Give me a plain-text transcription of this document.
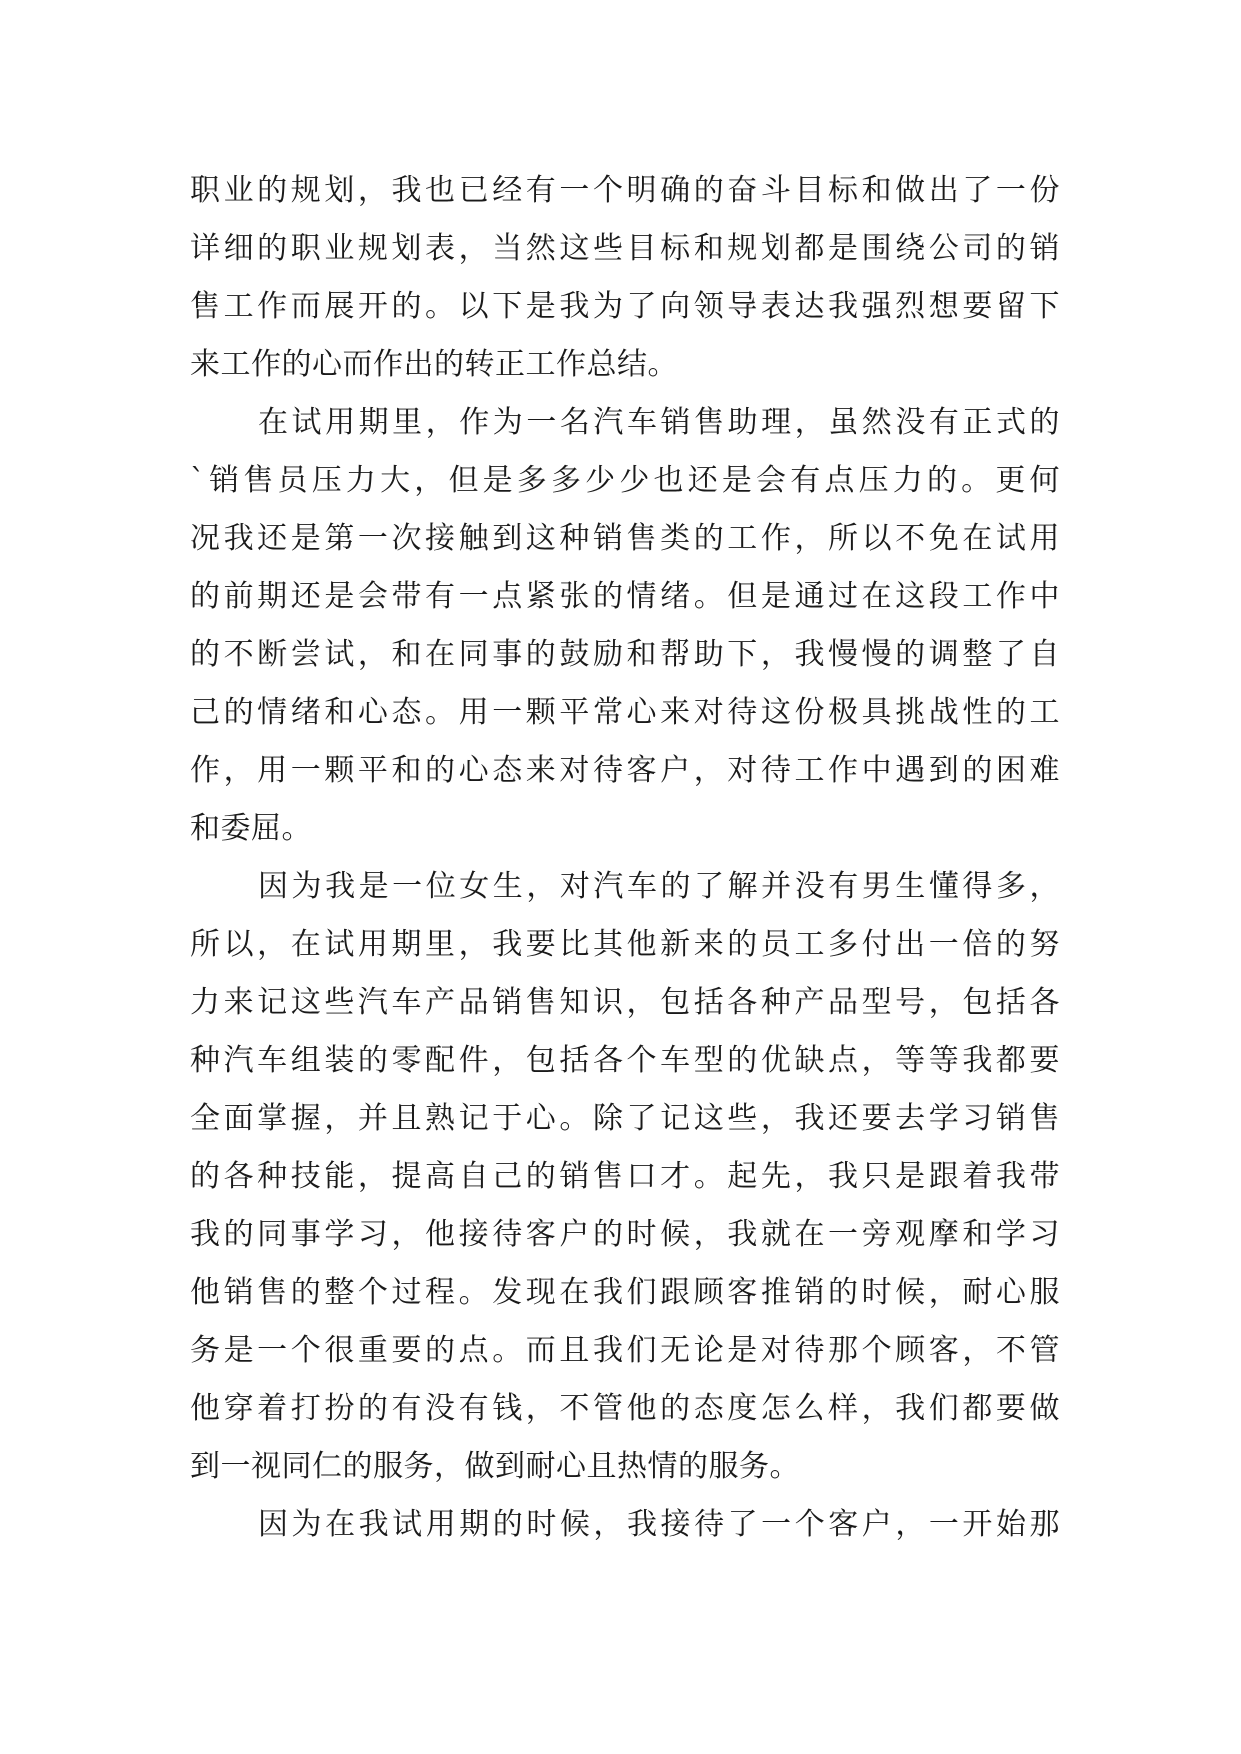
职业的规划，我也已经有一个明确的奋斗目标和做出了一份
详细的职业规划表，当然这些目标和规划都是围绕公司的销
售工作而展开的。以下是我为了向领导表达我强烈想要留下
来工作的心而作出的转正工作总结。
在试用期里，作为一名汽车销售助理，虽然没有正式的
`销售员压力大，但是多多少少也还是会有点压力的。更何
况我还是第一次接触到这种销售类的工作，所以不免在试用
的前期还是会带有一点紧张的情绪。但是通过在这段工作中
的不断尝试，和在同事的鼓励和帮助下，我慢慢的调整了自
己的情绪和心态。用一颗平常心来对待这份极具挑战性的工
作，用一颗平和的心态来对待客户，对待工作中遇到的困难
和委屈。
因为我是一位女生，对汽车的了解并没有男生懂得多，
所以，在试用期里，我要比其他新来的员工多付出一倍的努
力来记这些汽车产品销售知识，包括各种产品型号，包括各
种汽车组装的零配件，包括各个车型的优缺点，等等我都要
全面掌握，并且熟记于心。除了记这些，我还要去学习销售
的各种技能，提高自己的销售口才。起先，我只是跟着我带
我的同事学习，他接待客户的时候，我就在一旁观摩和学习
他销售的整个过程。发现在我们跟顾客推销的时候，耐心服
务是一个很重要的点。而且我们无论是对待那个顾客，不管
他穿着打扮的有没有钱，不管他的态度怎么样，我们都要做
到一视同仁的服务，做到耐心且热情的服务。
因为在我试用期的时候，我接待了一个客户，一开始那
